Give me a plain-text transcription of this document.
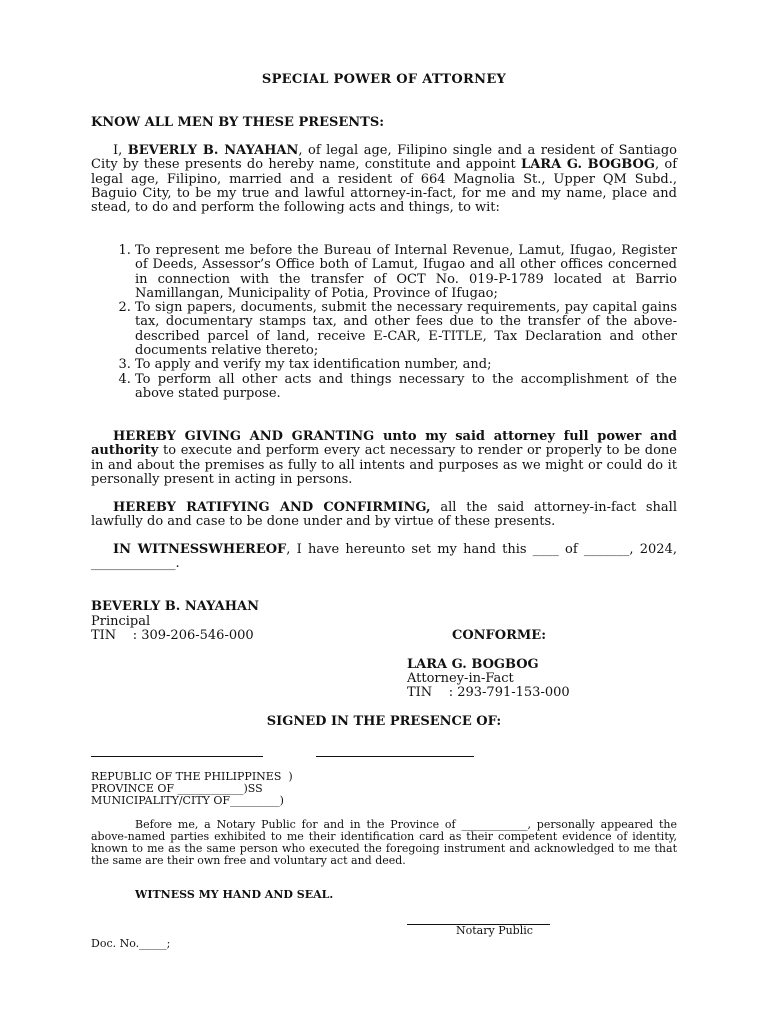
SPECIAL POWER OF ATTORNEY
KNOW ALL MEN BY THESE PRESENTS:
I, BEVERLY B. NAYAHAN, of legal age, Filipino single and a resident of Santiago City by these presents do hereby name, constitute and appoint LARA G. BOGBOG, of legal age, Filipino, married and a resident of 664 Magnolia St., Upper QM Subd., Baguio City, to be my true and lawful attorney-in-fact, for me and my name, place and stead, to do and perform the following acts and things, to wit:
1. To represent me before the Bureau of Internal Revenue, Lamut, Ifugao, Register of Deeds, Assessor’s Office both of Lamut, Ifugao and all other offices concerned in connection with the transfer of OCT No. 019-P-1789 located at Barrio Namillangan, Municipality of Potia, Province of Ifugao;
2. To sign papers, documents, submit the necessary requirements, pay capital gains tax, documentary stamps tax, and other fees due to the transfer of the above-described parcel of land, receive E-CAR, E-TITLE, Tax Declaration and other documents relative thereto;
3. To apply and verify my tax identification number, and;
4. To perform all other acts and things necessary to the accomplishment of the above stated purpose.
HEREBY GIVING AND GRANTING unto my said attorney full power and authority to execute and perform every act necessary to render or properly to be done in and about the premises as fully to all intents and purposes as we might or could do it personally present in acting in persons.
HEREBY RATIFYING AND CONFIRMING, all the said attorney-in-fact shall lawfully do and case to be done under and by virtue of these presents.
IN WITNESSWHEREOF, I have hereunto set my hand this ____ of _______, 2024, _____________.
BEVERLY B. NAYAHAN
Principal
TIN    : 309-206-546-000	CONFORME:
LARA G. BOGBOG
Attorney-in-Fact
TIN    : 293-791-153-000
SIGNED IN THE PRESENCE OF:
REPUBLIC OF THE PHILIPPINES  )
PROVINCE OF ____________)SS
MUNICIPALITY/CITY OF_________)
Before me, a Notary Public for and in the Province of ____________, personally appeared the above-named parties exhibited to me their identification card as their competent evidence of identity, known to me as the same person who executed the foregoing instrument and acknowledged to me that the same are their own free and voluntary act and deed.
WITNESS MY HAND AND SEAL.
Notary Public
Doc. No._____;
